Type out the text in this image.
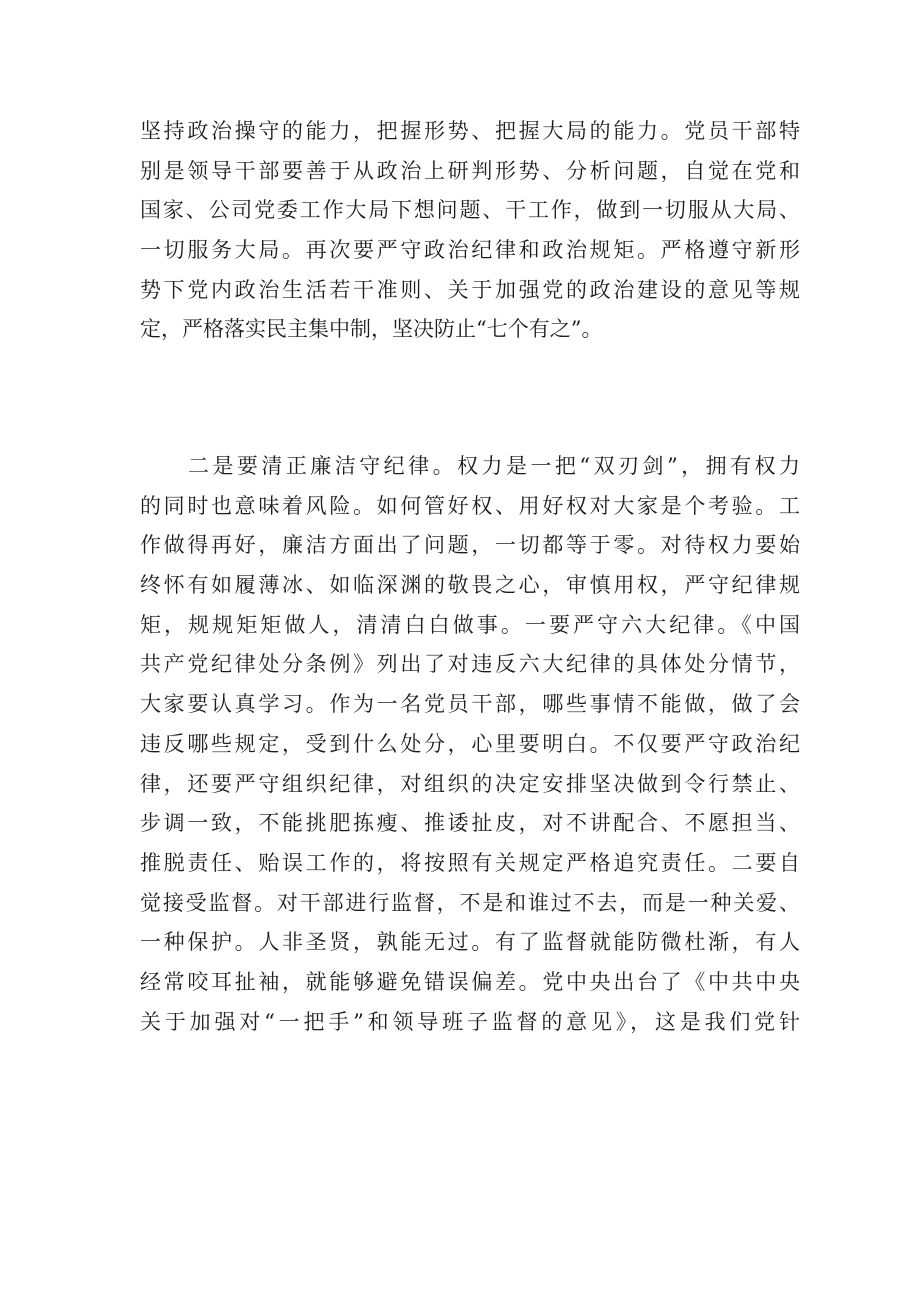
坚持政治操守的能力，把握形势、把握大局的能力。党员干部特
别是领导干部要善于从政治上研判形势、分析问题，自觉在党和
国家、公司党委工作大局下想问题、干工作，做到一切服从大局、
一切服务大局。再次要严守政治纪律和政治规矩。严格遵守新形
势下党内政治生活若干准则、关于加强党的政治建设的意见等规
定，严格落实民主集中制，坚决防止“七个有之”。
二是要清正廉洁守纪律。权力是一把“双刃剑”，拥有权力
的同时也意味着风险。如何管好权、用好权对大家是个考验。工
作做得再好，廉洁方面出了问题，一切都等于零。对待权力要始
终怀有如履薄冰、如临深渊的敬畏之心，审慎用权，严守纪律规
矩，规规矩矩做人，清清白白做事。一要严守六大纪律。《中国
共产党纪律处分条例》列出了对违反六大纪律的具体处分情节，
大家要认真学习。作为一名党员干部，哪些事情不能做，做了会
违反哪些规定，受到什么处分，心里要明白。不仅要严守政治纪
律，还要严守组织纪律，对组织的决定安排坚决做到令行禁止、
步调一致，不能挑肥拣瘦、推诿扯皮，对不讲配合、不愿担当、
推脱责任、贻误工作的，将按照有关规定严格追究责任。二要自
觉接受监督。对干部进行监督，不是和谁过不去，而是一种关爱、
一种保护。人非圣贤，孰能无过。有了监督就能防微杜渐，有人
经常咬耳扯袖，就能够避免错误偏差。党中央出台了《中共中央
关于加强对“一把手”和领导班子监督的意见》，这是我们党针
